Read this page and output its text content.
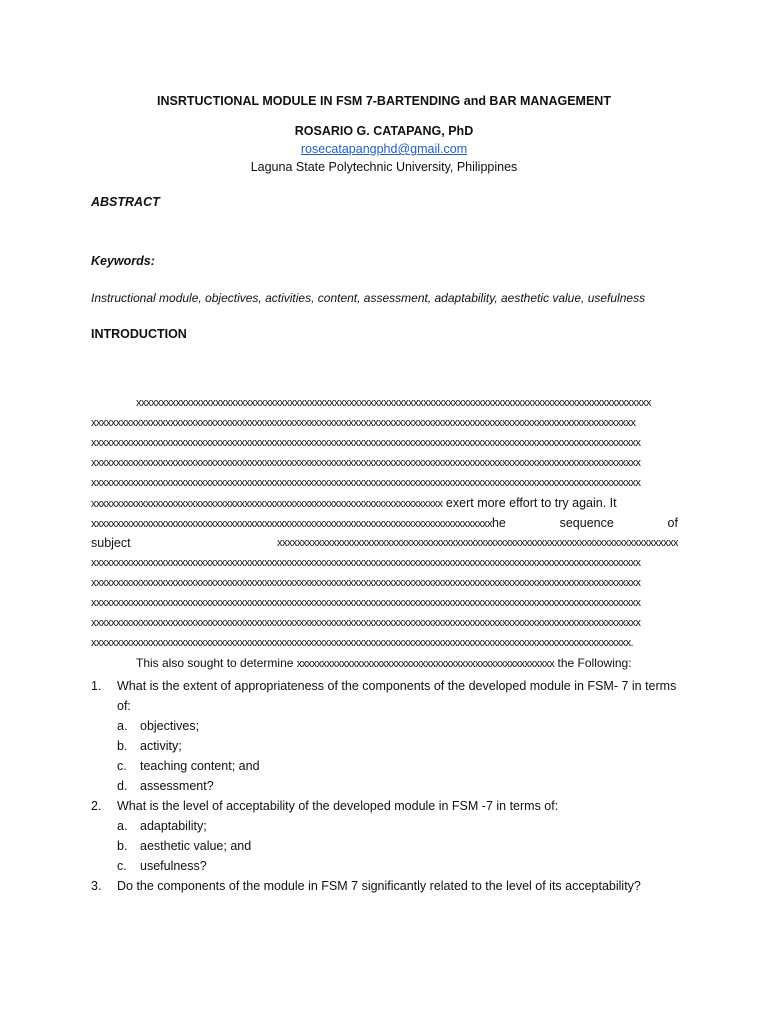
INSRTUCTIONAL MODULE IN FSM 7-BARTENDING and BAR MANAGEMENT
ROSARIO G. CATAPANG, PhD
rosecatapangphd@gmail.com
Laguna State Polytechnic University, Philippines
ABSTRACT
Keywords:
Instructional module, objectives, activities, content, assessment, adaptability, aesthetic value, usefulness
INTRODUCTION
xxxxxxxxxxxxxxxxxxxxxxxxxxxxxxxxxxxxxxxxxxxxxxxxxxxxxxxxxxxxxxxxxxxxxxxxxxxxxxxxxxxxxxxxxxxxxxxxxxxxxxxx
xxxxxxxxxxxxxxxxxxxxxxxxxxxxxxxxxxxxxxxxxxxxxxxxxxxxxxxxxxxxxxxxxxxxxxxxxxxxxxxxxxxxxxxxxxxxxxxxxxxxxxxxxxxxxx
xxxxxxxxxxxxxxxxxxxxxxxxxxxxxxxxxxxxxxxxxxxxxxxxxxxxxxxxxxxxxxxxxxxxxxxxxxxxxxxxxxxxxxxxxxxxxxxxxxxxxxxxxxxxxxx
xxxxxxxxxxxxxxxxxxxxxxxxxxxxxxxxxxxxxxxxxxxxxxxxxxxxxxxxxxxxxxxxxxxxxxxxxxxxxxxxxxxxxxxxxxxxxxxxxxxxxxxxxxxxxxx
xxxxxxxxxxxxxxxxxxxxxxxxxxxxxxxxxxxxxxxxxxxxxxxxxxxxxxxxxxxxxxxxxxxxxxxxxxxxxxxxxxxxxxxxxxxxxxxxxxxxxxxxxxxxxxx
xxxxxxxxxxxxxxxxxxxxxxxxxxxxxxxxxxxxxxxxxxxxxxxxxxxxxxxxxxxxxxxxxxxxxxx exert more effort to try again. It
xxxxxxxxxxxxxxxxxxxxxxxxxxxxxxxxxxxxxxxxxxxxxxxxxxxxxxxxxxxxxxxxxxxxxxxxxxxxxxxxxhe	sequence	of
subject	xxxxxxxxxxxxxxxxxxxxxxxxxxxxxxxxxxxxxxxxxxxxxxxxxxxxxxxxxxxxxxxxxxxxxxxxxxxxxxxxx
xxxxxxxxxxxxxxxxxxxxxxxxxxxxxxxxxxxxxxxxxxxxxxxxxxxxxxxxxxxxxxxxxxxxxxxxxxxxxxxxxxxxxxxxxxxxxxxxxxxxxxxxxxxxxxx
xxxxxxxxxxxxxxxxxxxxxxxxxxxxxxxxxxxxxxxxxxxxxxxxxxxxxxxxxxxxxxxxxxxxxxxxxxxxxxxxxxxxxxxxxxxxxxxxxxxxxxxxxxxxxxx
xxxxxxxxxxxxxxxxxxxxxxxxxxxxxxxxxxxxxxxxxxxxxxxxxxxxxxxxxxxxxxxxxxxxxxxxxxxxxxxxxxxxxxxxxxxxxxxxxxxxxxxxxxxxxxx
xxxxxxxxxxxxxxxxxxxxxxxxxxxxxxxxxxxxxxxxxxxxxxxxxxxxxxxxxxxxxxxxxxxxxxxxxxxxxxxxxxxxxxxxxxxxxxxxxxxxxxxxxxxxxxx
xxxxxxxxxxxxxxxxxxxxxxxxxxxxxxxxxxxxxxxxxxxxxxxxxxxxxxxxxxxxxxxxxxxxxxxxxxxxxxxxxxxxxxxxxxxxxxxxxxxxxxxxxxxxx.
This also sought to determine xxxxxxxxxxxxxxxxxxxxxxxxxxxxxxxxxxxxxxxxxxxxxxxxxxxx the Following:
1.	What is the extent of appropriateness of the components of the developed module in FSM- 7 in terms of:
a. objectives;
b. activity;
c. teaching content; and
d. assessment?
2.	What is the level of acceptability of the developed module in FSM -7 in terms of:
a. adaptability;
b. aesthetic value; and
c. usefulness?
3.	Do the components of the module in FSM 7 significantly related to the level of its acceptability?
